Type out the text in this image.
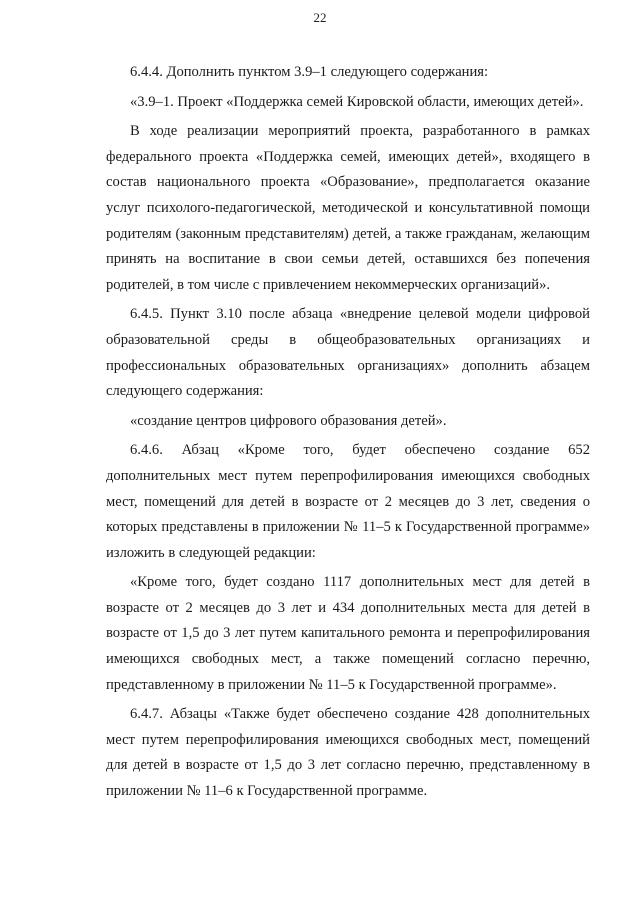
22

6.4.4. Дополнить пунктом 3.9–1 следующего содержания:

«3.9–1. Проект «Поддержка семей Кировской области, имеющих детей».

В ходе реализации мероприятий проекта, разработанного в рамках федерального проекта «Поддержка семей, имеющих детей», входящего в состав национального проекта «Образование», предполагается оказание услуг психолого-педагогической, методической и консультативной помощи родителям (законным представителям) детей, а также гражданам, желающим принять на воспитание в свои семьи детей, оставшихся без попечения родителей, в том числе с привлечением некоммерческих организаций».

6.4.5. Пункт 3.10 после абзаца «внедрение целевой модели цифровой образовательной среды в общеобразовательных организациях и профессиональных образовательных организациях» дополнить абзацем следующего содержания:

«создание центров цифрового образования детей».

6.4.6. Абзац «Кроме того, будет обеспечено создание 652 дополнительных мест путем перепрофилирования имеющихся свободных мест, помещений для детей в возрасте от 2 месяцев до 3 лет, сведения о которых представлены в приложении № 11–5 к Государственной программе» изложить в следующей редакции:

«Кроме того, будет создано 1117 дополнительных мест для детей в возрасте от 2 месяцев до 3 лет и 434 дополнительных места для детей в возрасте от 1,5 до 3 лет путем капитального ремонта и перепрофилирования имеющихся свободных мест, а также помещений согласно перечню, представленному в приложении № 11–5 к Государственной программе».

6.4.7. Абзацы «Также будет обеспечено создание 428 дополнительных мест путем перепрофилирования имеющихся свободных мест, помещений для детей в возрасте от 1,5 до 3 лет согласно перечню, представленному в приложении № 11–6 к Государственной программе.
